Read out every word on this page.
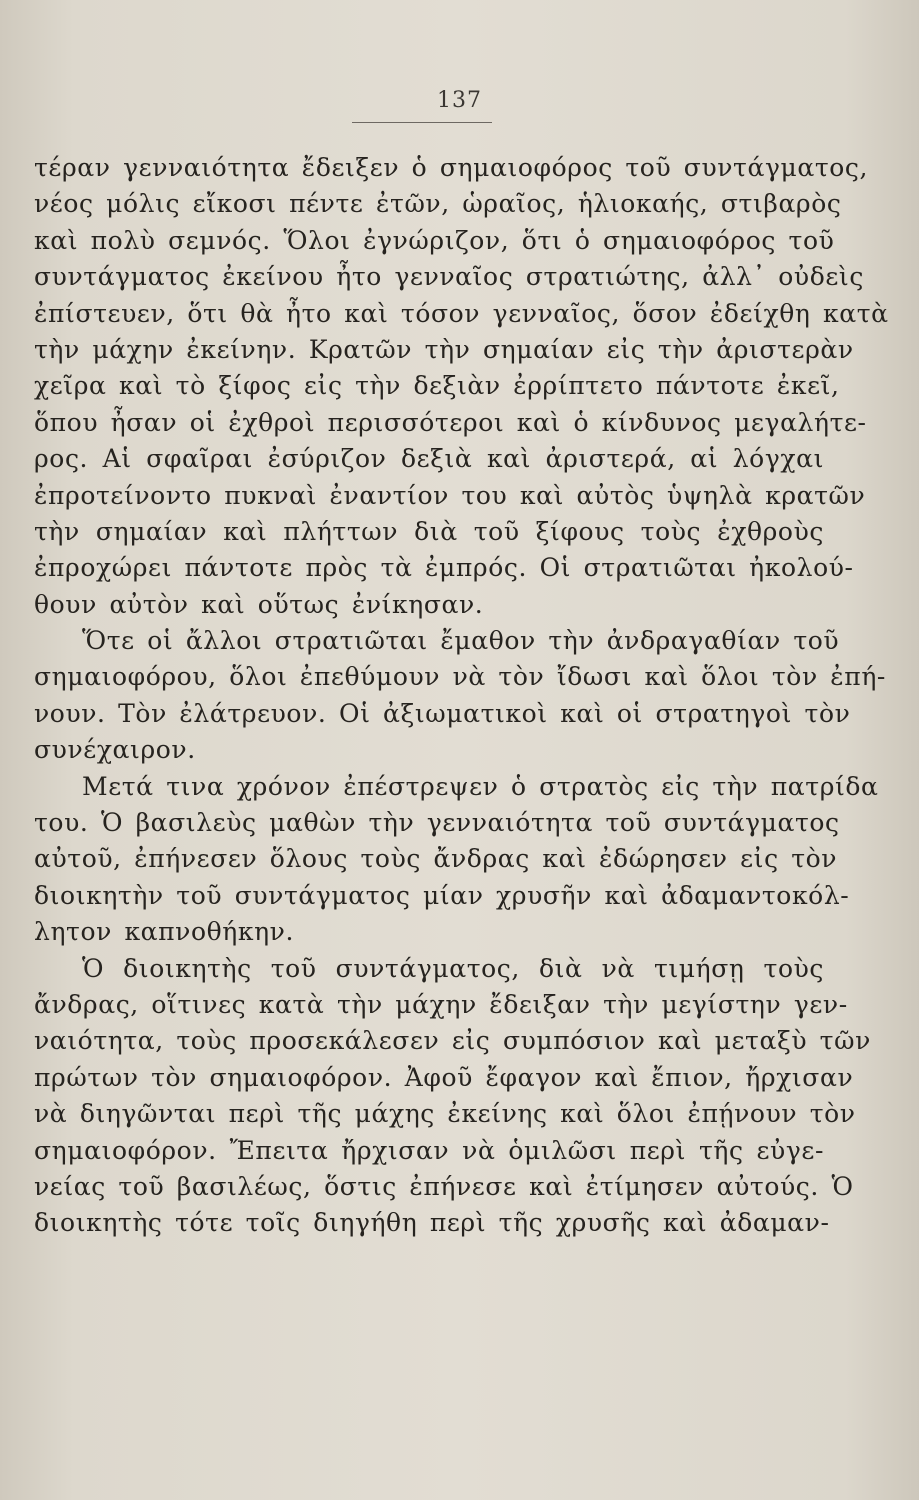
137
τέραν γενναιότητα ἔδειξεν ὁ σημαιοφόρος τοῦ συντάγματος,
νέος μόλις εἴκοσι πέντε ἐτῶν, ὡραῖος, ἡλιοκαής, στιβαρὸς
καὶ πολὺ σεμνός. Ὅλοι ἐγνώριζον, ὅτι ὁ σημαιοφόρος τοῦ
συντάγματος ἐκείνου ἦτο γενναῖος στρατιώτης, ἀλλ᾽ οὐδεὶς
ἐπίστευεν, ὅτι θὰ ἦτο καὶ τόσον γενναῖος, ὅσον ἐδείχθη κατὰ
τὴν μάχην ἐκείνην. Κρατῶν τὴν σημαίαν εἰς τὴν ἀριστερὰν
χεῖρα καὶ τὸ ξίφος εἰς τὴν δεξιὰν ἐρρίπτετο πάντοτε ἐκεῖ,
ὅπου ἦσαν οἱ ἐχθροὶ περισσότεροι καὶ ὁ κίνδυνος μεγαλήτε-
ρος. Αἱ σφαῖραι ἐσύριζον δεξιὰ καὶ ἀριστερά, αἱ λόγχαι
ἐπροτείνοντο πυκναὶ ἐναντίον του καὶ αὐτὸς ὑψηλὰ κρατῶν
τὴν σημαίαν καὶ πλήττων διὰ τοῦ ξίφους τοὺς ἐχθροὺς
ἐπροχώρει πάντοτε πρὸς τὰ ἐμπρός. Οἱ στρατιῶται ἠκολού-
θουν αὐτὸν καὶ οὕτως ἐνίκησαν.
Ὅτε οἱ ἄλλοι στρατιῶται ἔμαθον τὴν ἀνδραγαθίαν τοῦ
σημαιοφόρου, ὅλοι ἐπεθύμουν νὰ τὸν ἴδωσι καὶ ὅλοι τὸν ἐπή-
νουν. Τὸν ἐλάτρευον. Οἱ ἀξιωματικοὶ καὶ οἱ στρατηγοὶ τὸν
συνέχαιρον.
Μετά τινα χρόνον ἐπέστρεψεν ὁ στρατὸς εἰς τὴν πατρίδα
του. Ὁ βασιλεὺς μαθὼν τὴν γενναιότητα τοῦ συντάγματος
αὐτοῦ, ἐπήνεσεν ὅλους τοὺς ἄνδρας καὶ ἐδώρησεν εἰς τὸν
διοικητὴν τοῦ συντάγματος μίαν χρυσῆν καὶ ἀδαμαντοκόλ-
λητον καπνοθήκην.
Ὁ διοικητὴς τοῦ συντάγματος, διὰ νὰ τιμήσῃ τοὺς
ἄνδρας, οἵτινες κατὰ τὴν μάχην ἔδειξαν τὴν μεγίστην γεν-
ναιότητα, τοὺς προσεκάλεσεν εἰς συμπόσιον καὶ μεταξὺ τῶν
πρώτων τὸν σημαιοφόρον. Ἀφοῦ ἔφαγον καὶ ἔπιον, ἤρχισαν
νὰ διηγῶνται περὶ τῆς μάχης ἐκείνης καὶ ὅλοι ἐπῄνουν τὸν
σημαιοφόρον. Ἔπειτα ἤρχισαν νὰ ὁμιλῶσι περὶ τῆς εὐγε-
νείας τοῦ βασιλέως, ὅστις ἐπήνεσε καὶ ἐτίμησεν αὐτούς. Ὁ
διοικητὴς τότε τοῖς διηγήθη περὶ τῆς χρυσῆς καὶ ἀδαμαν-
